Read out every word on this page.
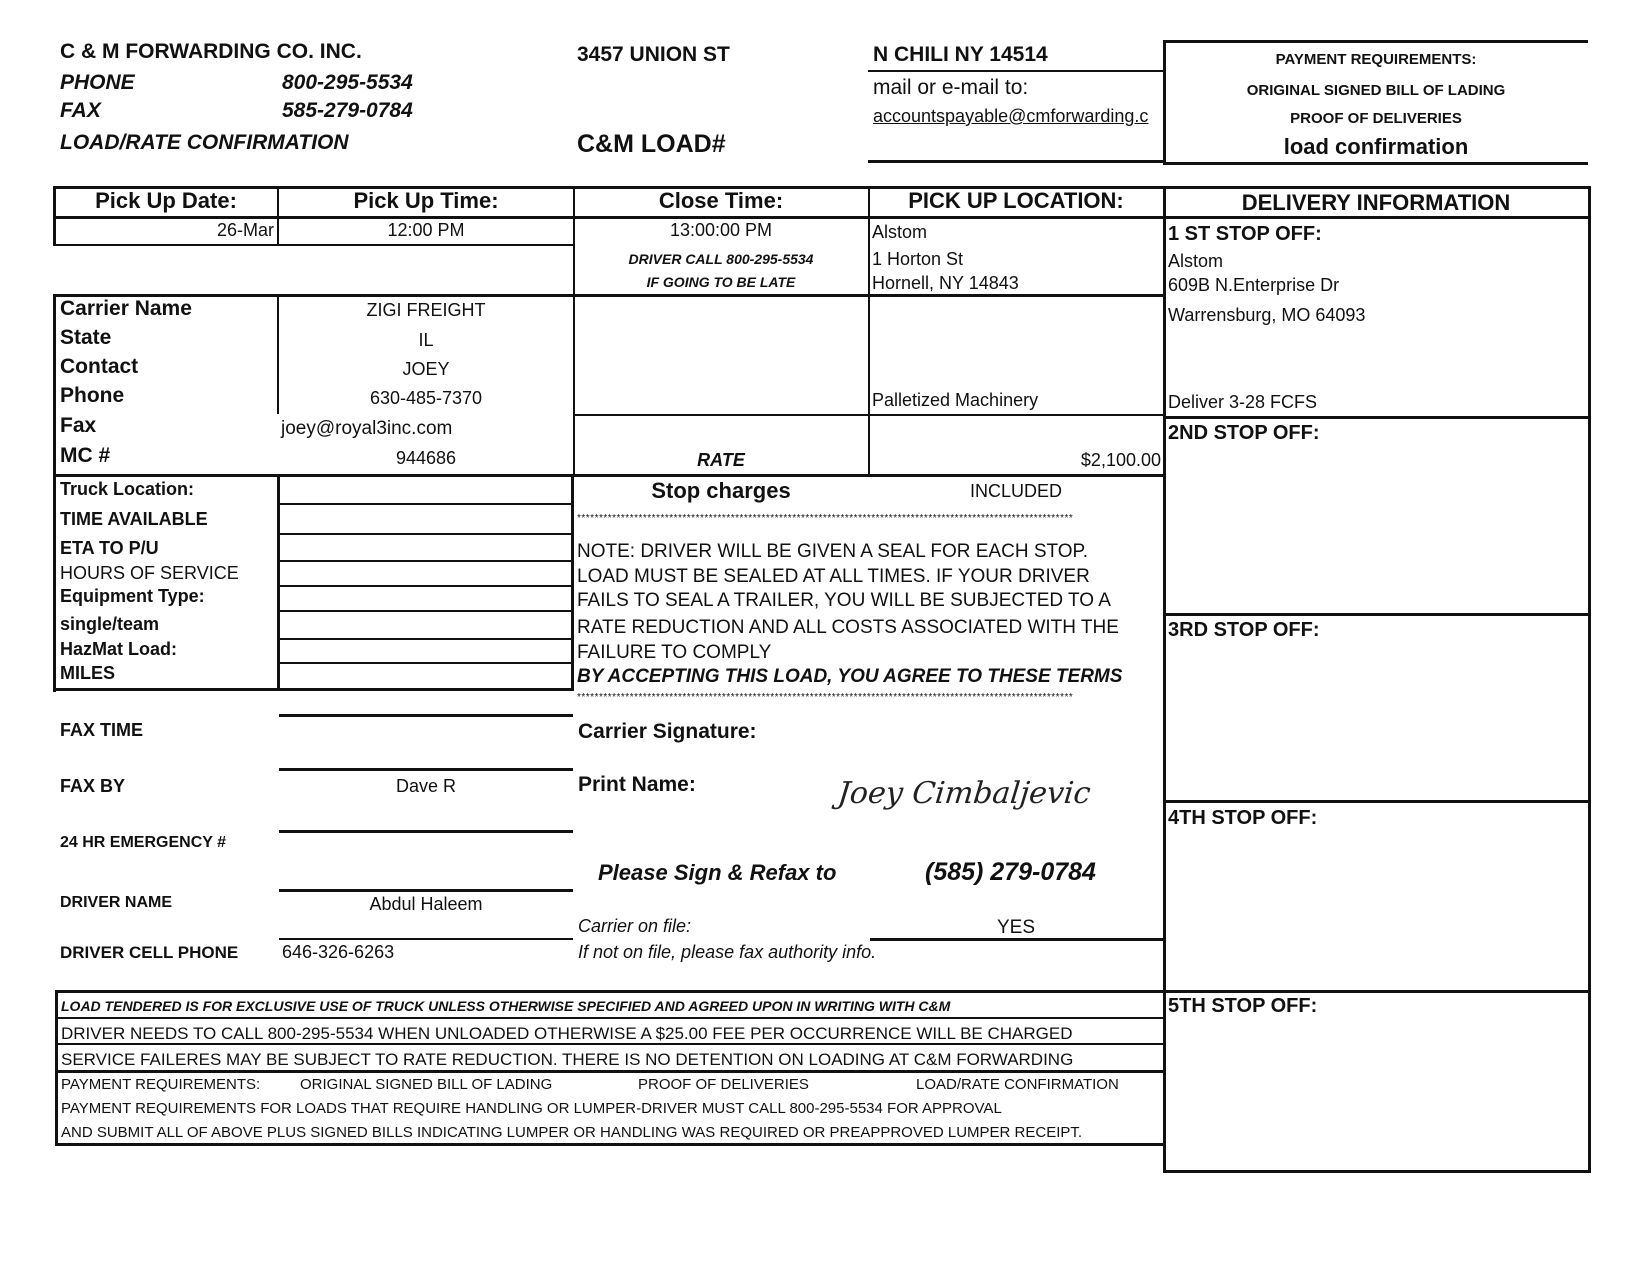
C & M FORWARDING CO. INC.
PHONE	800-295-5534
FAX	585-279-0784
LOAD/RATE CONFIRMATION
3457 UNION ST
C&M LOAD#
N CHILI NY 14514
mail or e-mail to:
accountspayable@cmforwarding.c
PAYMENT REQUIREMENTS:
ORIGINAL SIGNED BILL OF LADING
PROOF OF DELIVERIES
load confirmation
Pick Up Date:	Pick Up Time:	Close Time:	PICK UP LOCATION:	DELIVERY INFORMATION
26-Mar	12:00 PM	13:00:00 PM
DRIVER CALL 800-295-5534
IF GOING TO BE LATE
Alstom
1 Horton St
Hornell, NY 14843
Palletized Machinery
RATE	$2,100.00
Carrier Name	ZIGI FREIGHT
State	IL
Contact	JOEY
Phone	630-485-7370
Fax	joey@royal3inc.com
MC #	944686
Truck Location:
TIME AVAILABLE
ETA TO P/U
HOURS OF SERVICE
Equipment Type:
single/team
HazMat Load:
MILES
Stop charges	INCLUDED
*****************************************************************************************************************
NOTE: DRIVER WILL BE GIVEN A SEAL FOR EACH STOP.
LOAD MUST BE SEALED AT ALL TIMES. IF YOUR DRIVER
FAILS TO SEAL A TRAILER, YOU WILL BE SUBJECTED TO A
RATE REDUCTION AND ALL COSTS ASSOCIATED WITH THE
FAILURE TO COMPLY
BY ACCEPTING THIS LOAD, YOU AGREE TO THESE TERMS
*****************************************************************************************************************
FAX TIME
FAX BY	Dave R
24 HR EMERGENCY #
DRIVER NAME	Abdul Haleem
DRIVER CELL PHONE 646-326-6263
Carrier Signature:
Print Name:	Joey Cimbaljevic
Please Sign & Refax to	(585) 279-0784
Carrier on file:	YES
If not on file, please fax authority info.
1 ST STOP OFF:
Alstom
609B N.Enterprise Dr
Warrensburg, MO 64093
Deliver 3-28 FCFS
2ND STOP OFF:
3RD STOP OFF:
4TH STOP OFF:
5TH STOP OFF:
LOAD TENDERED IS FOR EXCLUSIVE USE OF TRUCK UNLESS OTHERWISE SPECIFIED AND AGREED UPON IN WRITING WITH C&M
DRIVER NEEDS TO CALL 800-295-5534 WHEN UNLOADED OTHERWISE A $25.00 FEE PER OCCURRENCE WILL BE CHARGED
SERVICE FAILERES MAY BE SUBJECT TO RATE REDUCTION. THERE IS NO DETENTION ON LOADING AT C&M FORWARDING
PAYMENT REQUIREMENTS:	ORIGINAL SIGNED BILL OF LADING	PROOF OF DELIVERIES	LOAD/RATE CONFIRMATION
PAYMENT REQUIREMENTS FOR LOADS THAT REQUIRE HANDLING OR LUMPER-DRIVER MUST CALL 800-295-5534 FOR APPROVAL
AND SUBMIT ALL OF ABOVE PLUS SIGNED BILLS INDICATING LUMPER OR HANDLING WAS REQUIRED OR PREAPPROVED LUMPER RECEIPT.
